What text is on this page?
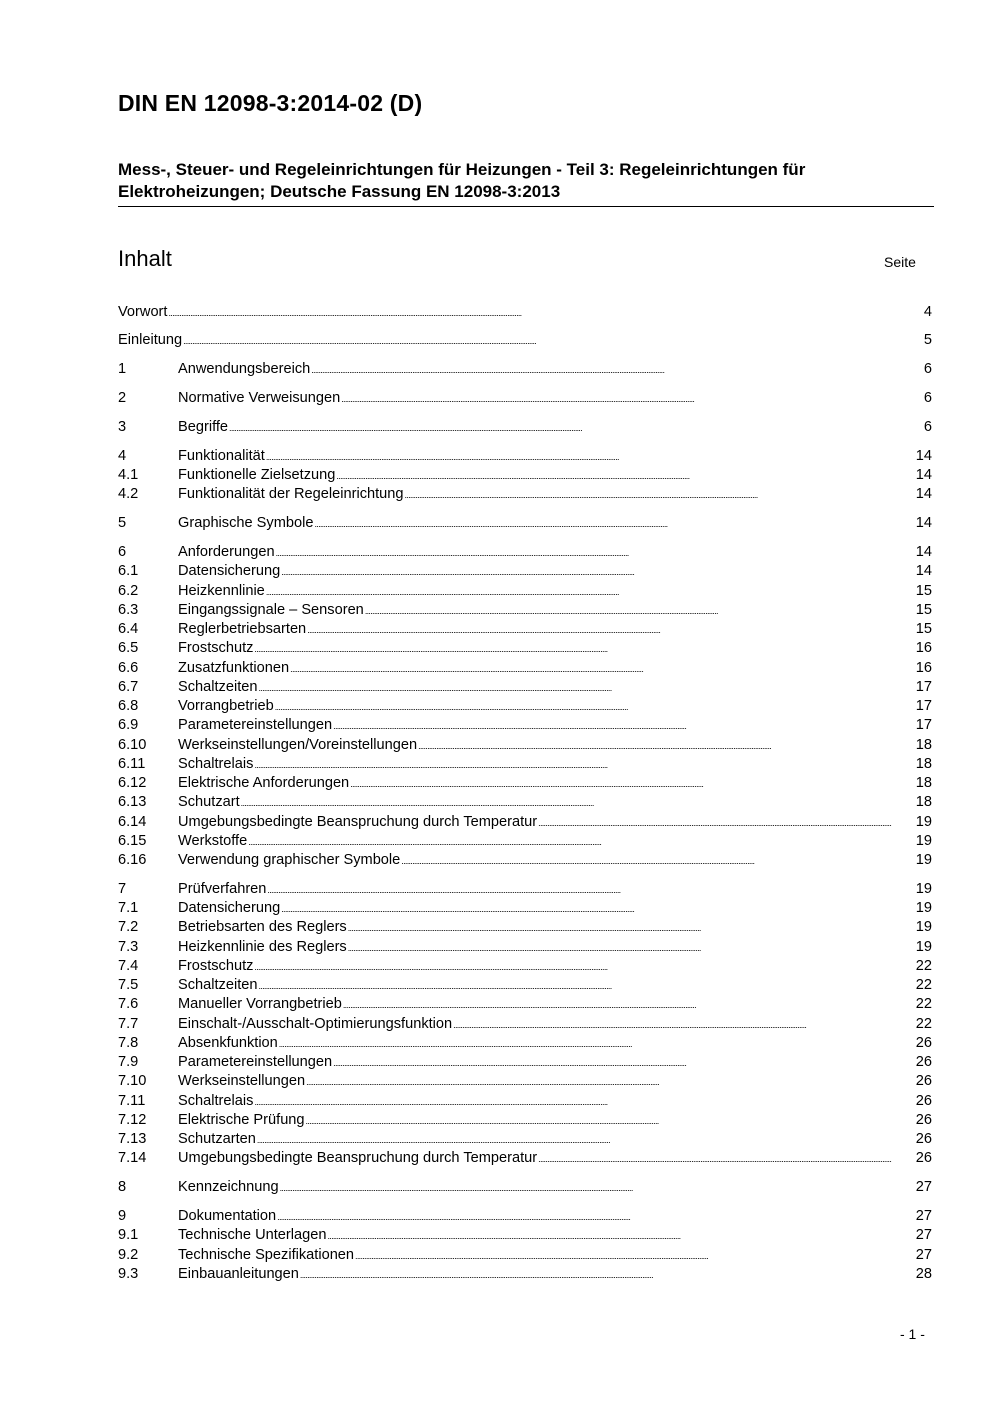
DIN EN 12098-3:2014-02 (D)
Mess-, Steuer- und Regeleinrichtungen für Heizungen - Teil 3: Regeleinrichtungen für Elektroheizungen; Deutsche Fassung EN 12098-3:2013
Inhalt	Seite
Vorwort . . .	4
Einleitung . . .	5
1	Anwendungsbereich . . .	6
2	Normative Verweisungen . . .	6
3	Begriffe . . .	6
4	Funktionalität . . .	14
4.1	Funktionelle Zielsetzung . . .	14
4.2	Funktionalität der Regeleinrichtung . . .	14
5	Graphische Symbole . . .	14
6	Anforderungen . . .	14
6.1	Datensicherung . . .	14
6.2	Heizkennlinie . . .	15
6.3	Eingangssignale – Sensoren . . .	15
6.4	Reglerbetriebsarten . . .	15
6.5	Frostschutz . . .	16
6.6	Zusatzfunktionen . . .	16
6.7	Schaltzeiten . . .	17
6.8	Vorrangbetrieb . . .	17
6.9	Parametereinstellungen . . .	17
6.10	Werkseinstellungen/Voreinstellungen . . .	18
6.11	Schaltrelais . . .	18
6.12	Elektrische Anforderungen . . .	18
6.13	Schutzart . . .	18
6.14	Umgebungsbedingte Beanspruchung durch Temperatur . . .	19
6.15	Werkstoffe . . .	19
6.16	Verwendung graphischer Symbole . . .	19
7	Prüfverfahren . . .	19
7.1	Datensicherung . . .	19
7.2	Betriebsarten des Reglers . . .	19
7.3	Heizkennlinie des Reglers . . .	19
7.4	Frostschutz . . .	22
7.5	Schaltzeiten . . .	22
7.6	Manueller Vorrangbetrieb . . .	22
7.7	Einschalt-/Ausschalt-Optimierungsfunktion . . .	22
7.8	Absenkfunktion . . .	26
7.9	Parametereinstellungen . . .	26
7.10	Werkseinstellungen . . .	26
7.11	Schaltrelais . . .	26
7.12	Elektrische Prüfung . . .	26
7.13	Schutzarten . . .	26
7.14	Umgebungsbedingte Beanspruchung durch Temperatur . . .	26
8	Kennzeichnung . . .	27
9	Dokumentation . . .	27
9.1	Technische Unterlagen . . .	27
9.2	Technische Spezifikationen . . .	27
9.3	Einbauanleitungen . . .	28
- 1 -
